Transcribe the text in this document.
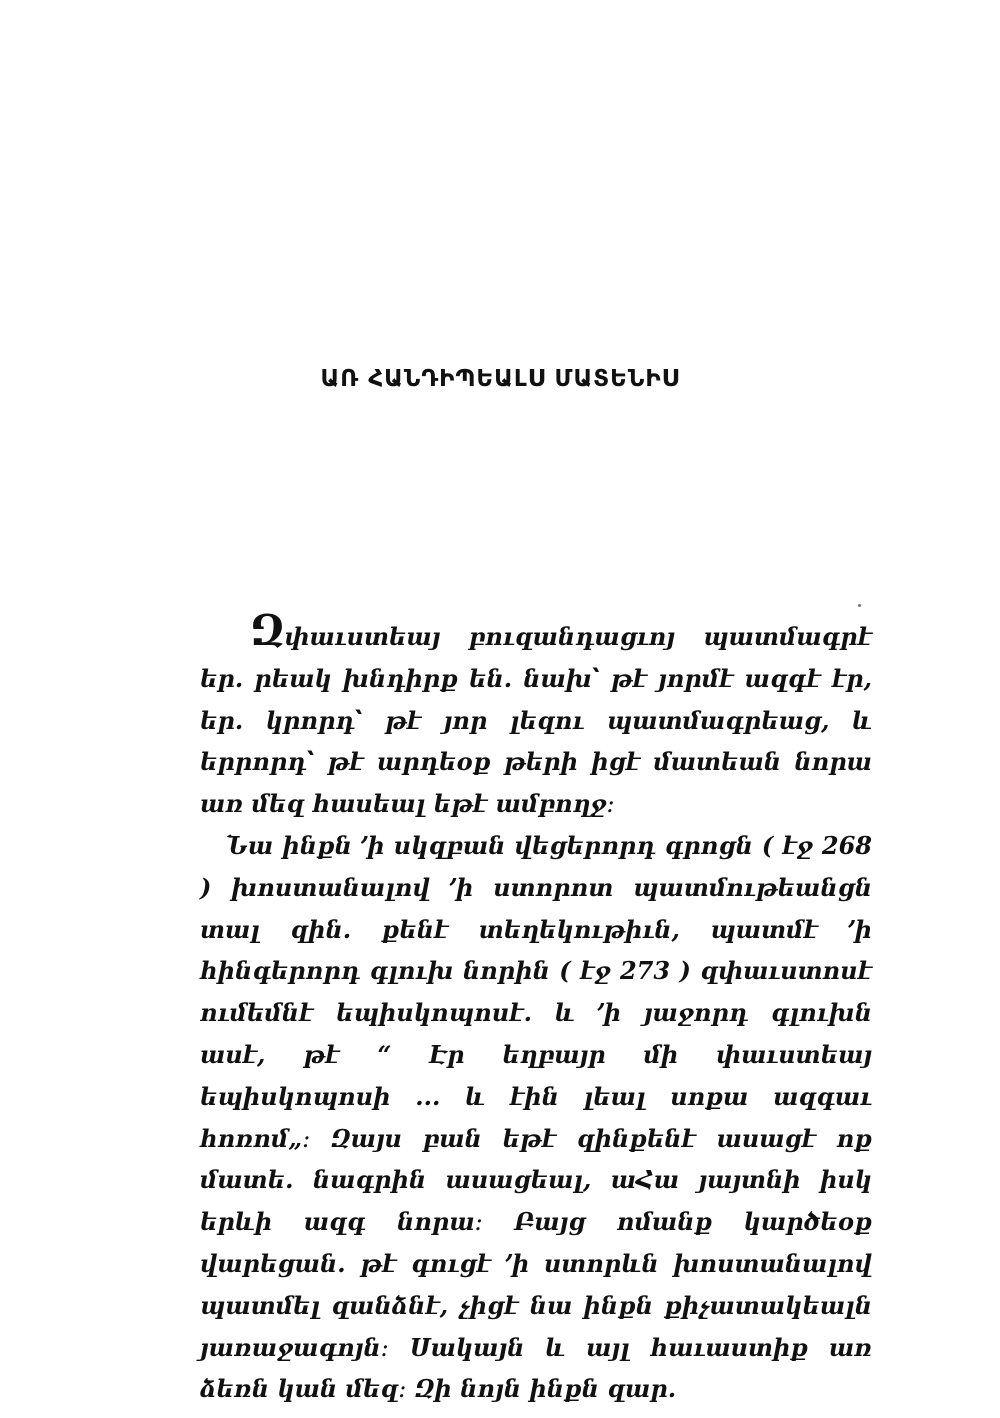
ԱՌ ՀԱՆԴԻՊԵԱԼՍ ՄԱՏԵՆԻՍ

Զփաւստեայ բուզանդացւոյ պատմագրէ եր․ րեակ խնդիրք են․ նախ՝ թէ յորմէ ազգէ էր, եր․ կրորդ՝ թէ յոր լեզու պատմագրեաց, և երրորդ՝ թէ արդեօք թերի իցէ մատեան նորա առ մեզ հասեալ եթէ ամբողջ։

Նա ինքն ՚ի սկզբան վեցերորդ գրոցն ( էջ 268 ) խոստանալով ՚ի ստորոտ պատմութեանցն տալ զին․ քենէ տեղեկութիւն, պատմէ ՚ի հինգերորդ գլուխ նորին ( էջ 273 ) զփաւստոսէ ումեմնէ եպիսկոպոսէ․ և ՚ի յաջորդ գլուխն ասէ, թէ “ Էր եղբայր մի փաւստեայ եպիսկոպոսի ․․․ և էին լեալ սոքա ազգաւ հոռոմ„։ Զայս բան եթէ զինքենէ ասացէ ոք մատե․ նագրին ասացեալ, աՀա յայտնի իսկ երևի ազգ նորա։ Բայց ոմանք կարծեօք վարեցան․ թէ գուցէ ՚ի ստորևն խոստանալով պատմել զանձնէ, չիցէ նա ինքն քիչատակեալն յառաջագոյն։ Սակայն և այլ հաւաստիք առ ձեռն կան մեզ։ Զի նոյն ինքն զար․
